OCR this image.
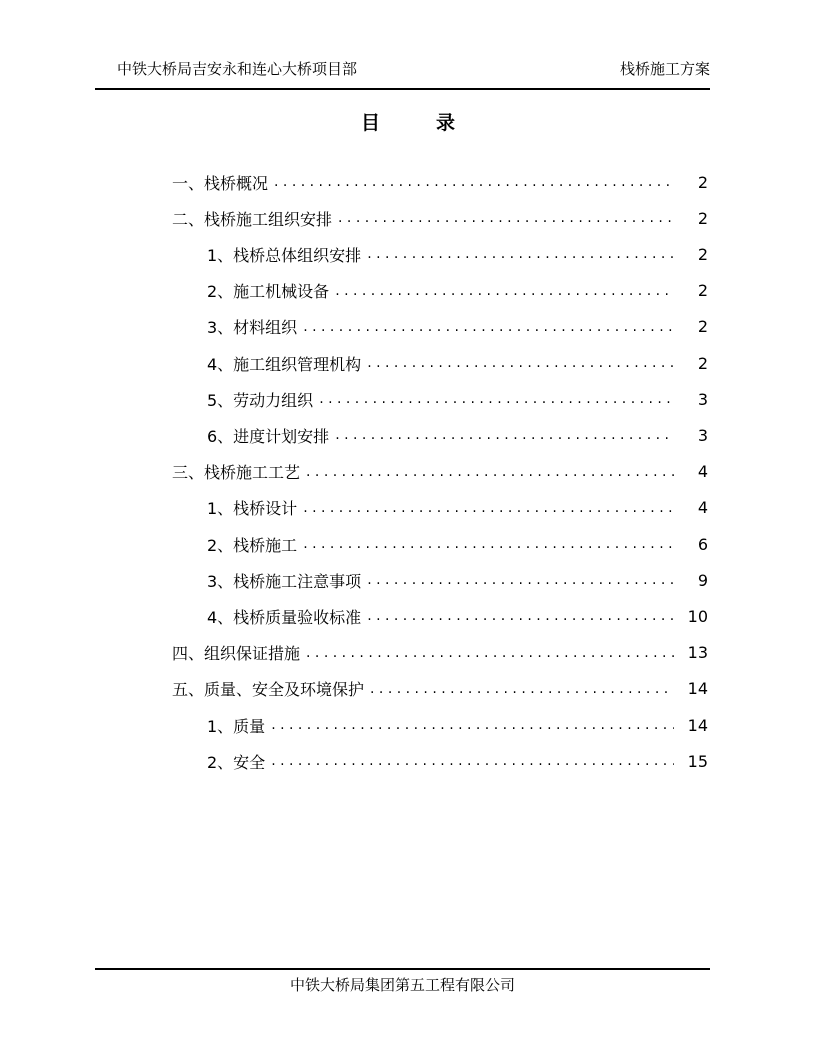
中铁大桥局吉安永和连心大桥项目部	栈桥施工方案
目	录
一、栈桥概况 . . .	2
二、栈桥施工组织安排 . . .	2
1、栈桥总体组织安排 . . .	2
2、施工机械设备 . . .	2
3、材料组织 . . .	2
4、施工组织管理机构 . . .	2
5、劳动力组织 . . .	3
6、进度计划安排 . . .	3
三、栈桥施工工艺 . . .	4
1、栈桥设计 . . .	4
2、栈桥施工 . . .	6
3、栈桥施工注意事项 . . .	9
4、栈桥质量验收标准 . . .	10
四、组织保证措施 . . .	13
五、质量、安全及环境保护 . . .	14
1、质量 . . .	14
2、安全 . . .	15
中铁大桥局集团第五工程有限公司
